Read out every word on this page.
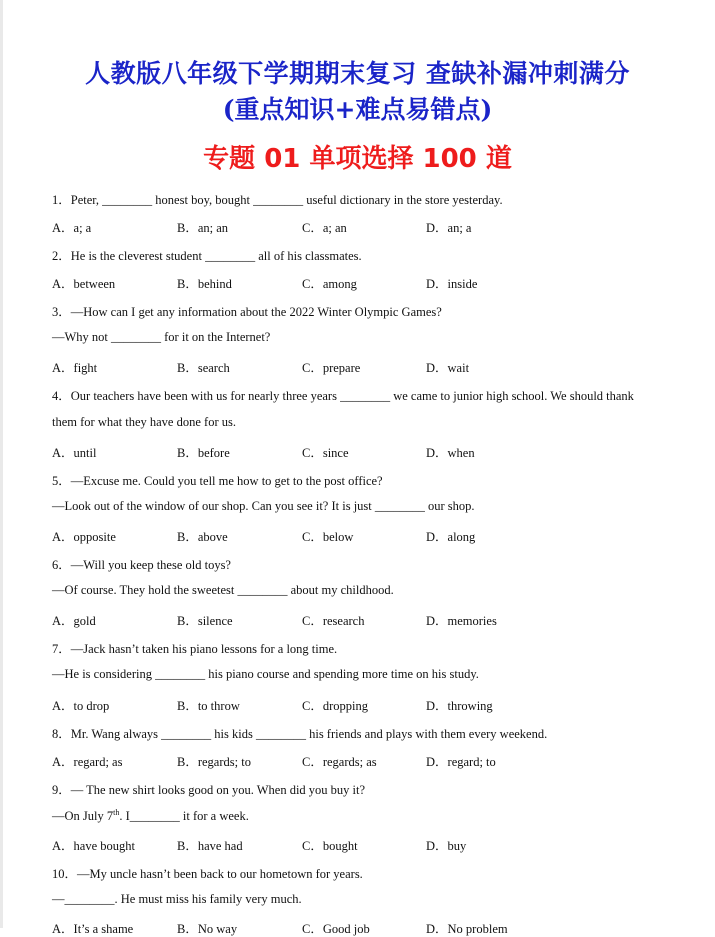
人教版八年级下学期期末复习 查缺补漏冲刺满分
(重点知识+难点易错点)
专题 01 单项选择 100 道
1．Peter, ________ honest boy, bought ________ useful dictionary in the store yesterday.
A．a; a	B．an; an	C．a; an	D．an; a
2．He is the cleverest student ________ all of his classmates.
A．between	B．behind	C．among	D．inside
3．—How can I get any information about the 2022 Winter Olympic Games?
—Why not ________ for it on the Internet?
A．fight	B．search	C．prepare	D．wait
4．Our teachers have been with us for nearly three years ________ we came to junior high school. We should thank
them for what they have done for us.
A．until	B．before	C．since	D．when
5．—Excuse me. Could you tell me how to get to the post office?
—Look out of the window of our shop. Can you see it? It is just ________ our shop.
A．opposite	B．above	C．below	D．along
6．—Will you keep these old toys?
—Of course. They hold the sweetest ________ about my childhood.
A．gold	B．silence	C．research	D．memories
7．—Jack hasn’t taken his piano lessons for a long time.
—He is considering ________ his piano course and spending more time on his study.
A．to drop	B．to throw	C．dropping	D．throwing
8．Mr. Wang always ________ his kids ________ his friends and plays with them every weekend.
A．regard; as	B．regards; to	C．regards; as	D．regard; to
9．— The new shirt looks good on you. When did you buy it?
—On July 7th. I________ it for a week.
A．have bought	B．have had	C．bought	D．buy
10．—My uncle hasn’t been back to our hometown for years.
—________. He must miss his family very much.
A．It’s a shame	B．No way	C．Good job	D．No problem
